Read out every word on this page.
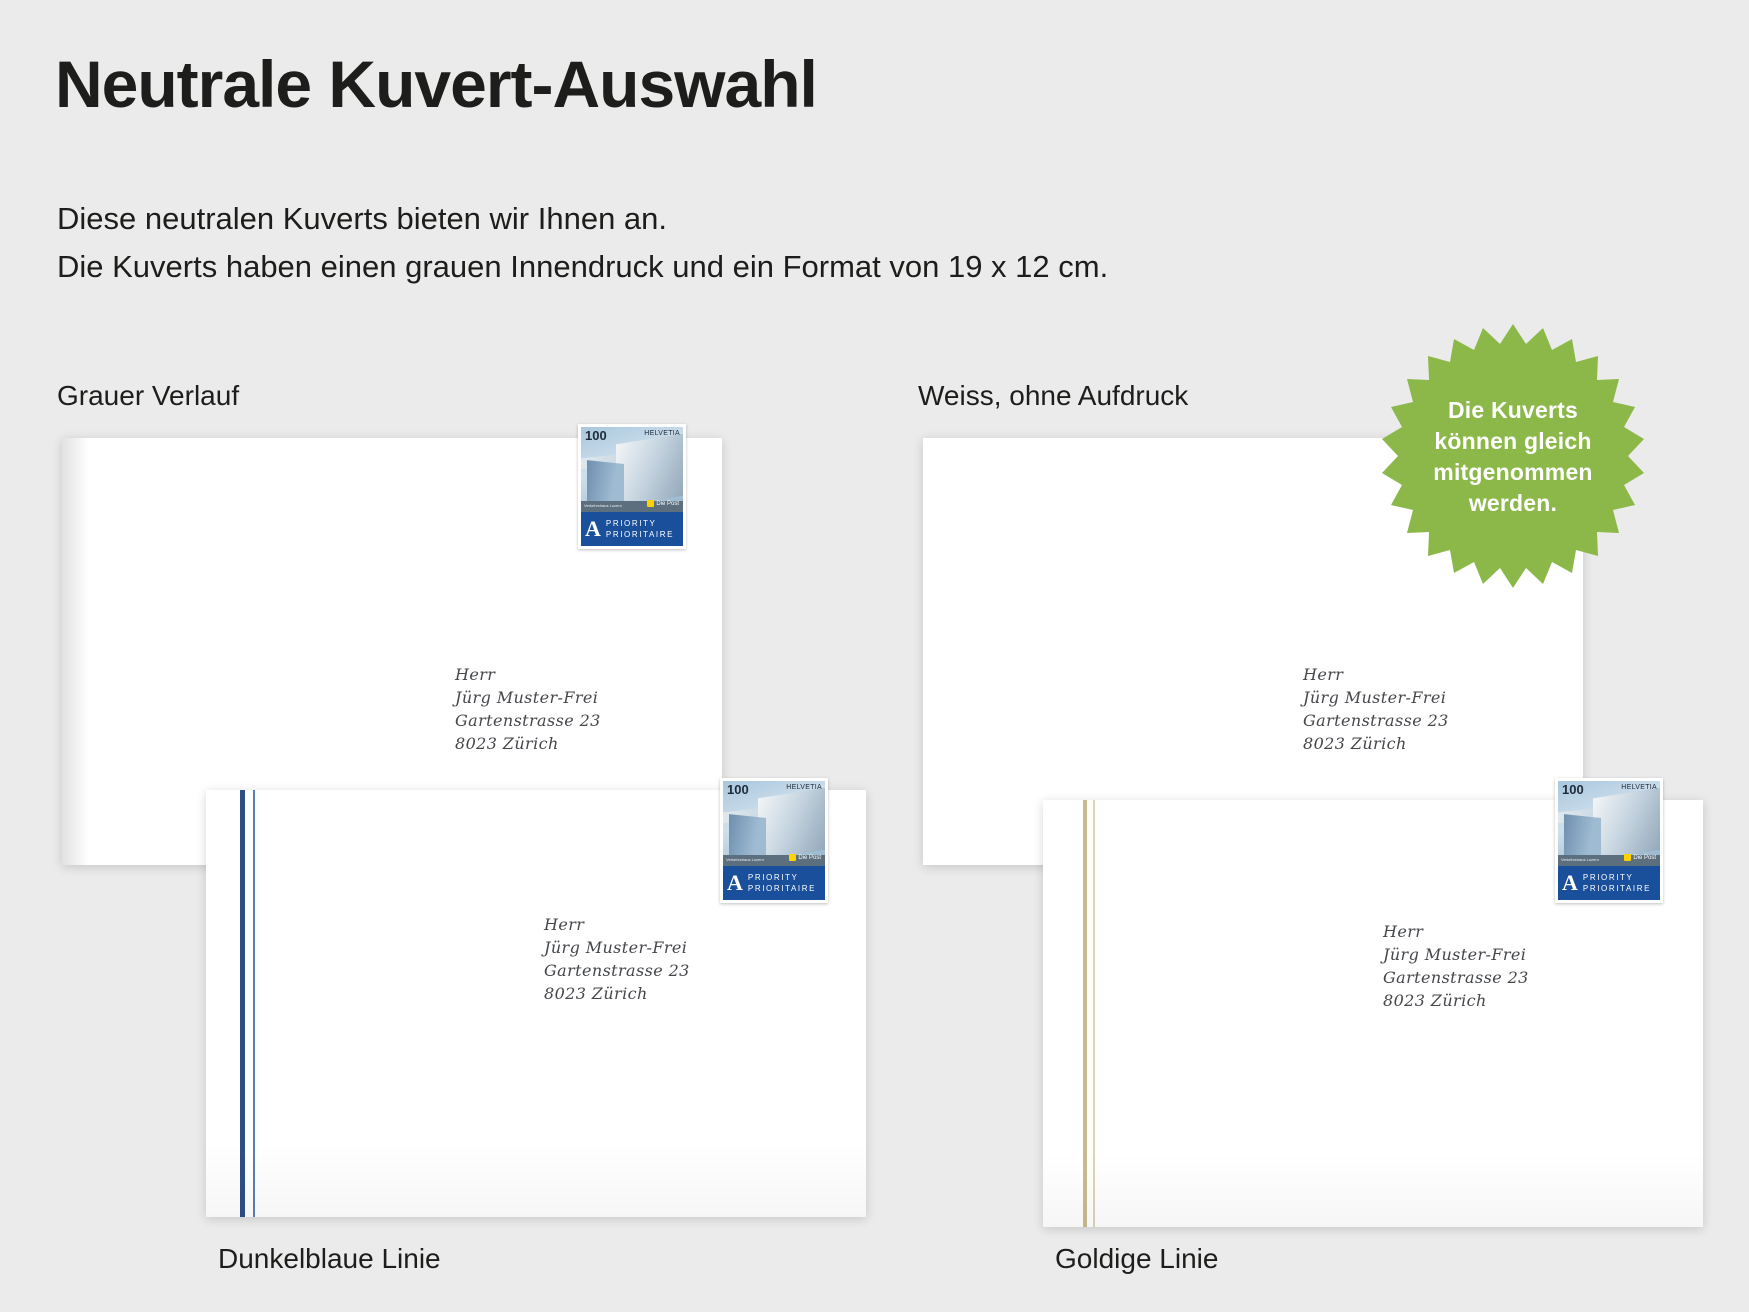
Neutrale Kuvert-Auswahl
Diese neutralen Kuverts bieten wir Ihnen an.
Die Kuverts haben einen grauen Innendruck und ein Format von 19 x 12 cm.
Grauer Verlauf	Weiss, ohne Aufdruck
Dunkelblaue Linie	Goldige Linie
100	HELVETIA
Verkehrshaus Luzern	Die Post
A PRIORITY
PRIORITAIRE
Herr
Jürg Muster-Frei
Gartenstrasse 23
8023 Zürich
Herr
Jürg Muster-Frei
Gartenstrasse 23
8023 Zürich
100	HELVETIA
Verkehrshaus Luzern	Die Post
A PRIORITY
PRIORITAIRE
Herr
Jürg Muster-Frei
Gartenstrasse 23
8023 Zürich
100	HELVETIA
Verkehrshaus Luzern	Die Post
A PRIORITY
PRIORITAIRE
Herr
Jürg Muster-Frei
Gartenstrasse 23
8023 Zürich
Die Kuverts
können gleich
mitgenommen
werden.
